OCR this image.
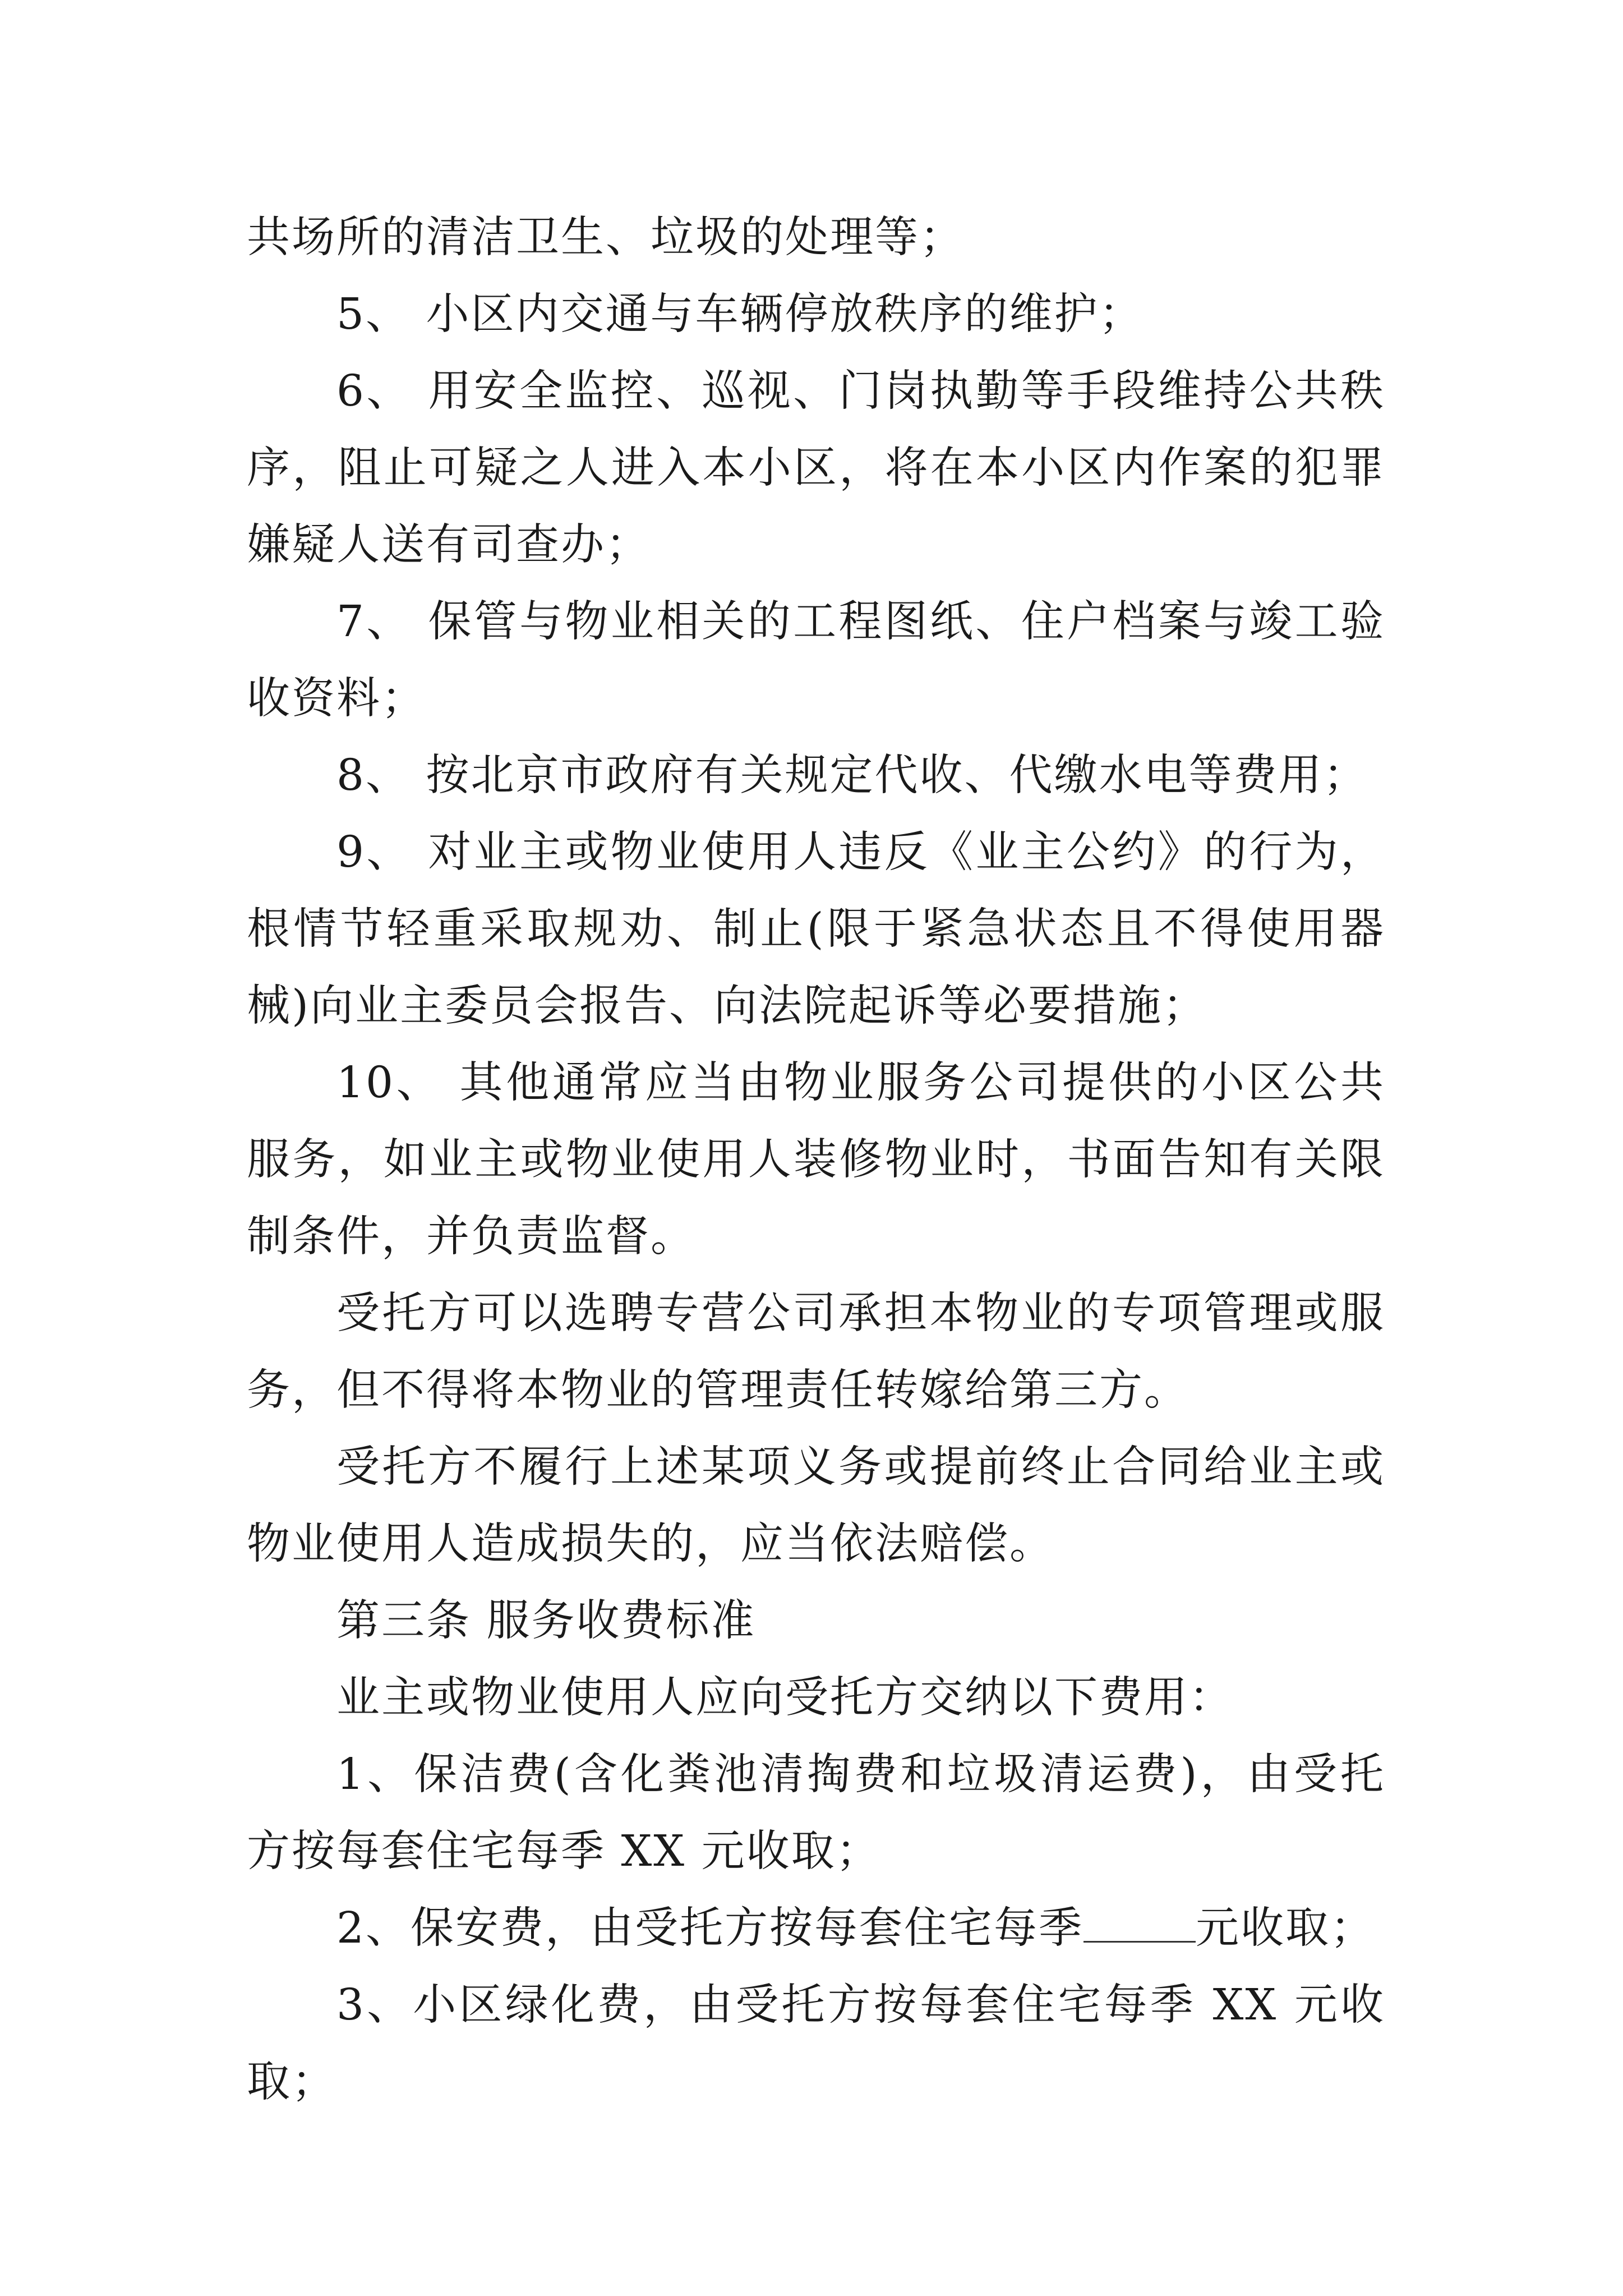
共场所的清洁卫生、垃圾的处理等；

5、 小区内交通与车辆停放秩序的维护；

6、 用安全监控、巡视、门岗执勤等手段维持公共秩序，阻止可疑之人进入本小区，将在本小区内作案的犯罪嫌疑人送有司查办；

7、 保管与物业相关的工程图纸、住户档案与竣工验收资料；

8、 按北京市政府有关规定代收、代缴水电等费用；

9、 对业主或物业使用人违反《业主公约》的行为，根情节轻重采取规劝、制止(限于紧急状态且不得使用器械)向业主委员会报告、向法院起诉等必要措施；

10、 其他通常应当由物业服务公司提供的小区公共服务，如业主或物业使用人装修物业时，书面告知有关限制条件，并负责监督。

受托方可以选聘专营公司承担本物业的专项管理或服务，但不得将本物业的管理责任转嫁给第三方。

受托方不履行上述某项义务或提前终止合同给业主或物业使用人造成损失的，应当依法赔偿。

第三条 服务收费标准

业主或物业使用人应向受托方交纳以下费用：

1、保洁费(含化粪池清掏费和垃圾清运费)，由受托方按每套住宅每季 XX 元收取；

2、保安费，由受托方按每套住宅每季	元收取；

3、小区绿化费，由受托方按每套住宅每季 XX 元收取；
